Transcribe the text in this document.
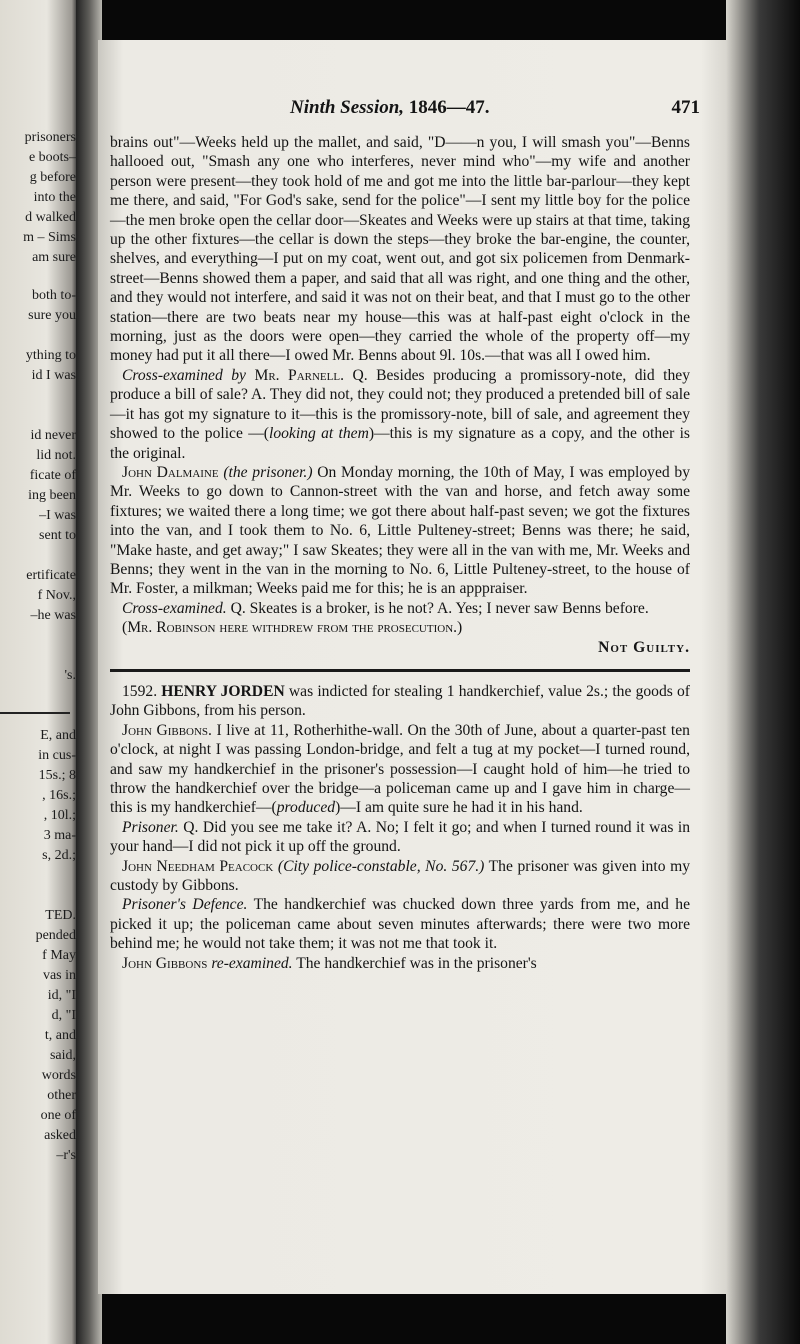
prisoners
e boots–
g before
into the
d walked
m – Sims
am sure
both to-
sure you
ything to
id I was
id never
lid not.
ficate of
ing been
–I was
sent to
ertificate
f Nov.,
–he was
's.
E, and
in cus-
15s.; 8
, 16s.;
, 10l.;
3 ma-
s, 2d.;
TED.
pended
f May
vas in
id, "I
d, "I
t, and
said,
words
other
one of
asked
–r's
Ninth Session, 1846—47.	471

brains out"—Weeks held up the mallet, and said, "D——n you, I will smash you"—Benns hallooed out, "Smash any one who interferes, never mind who"—my wife and another person were present—they took hold of me and got me into the little bar-parlour—they kept me there, and said, "For God's sake, send for the police"—I sent my little boy for the police—the men broke open the cellar door—Skeates and Weeks were up stairs at that time, taking up the other fixtures—the cellar is down the steps—they broke the bar-engine, the counter, shelves, and everything—I put on my coat, went out, and got six policemen from Denmark-street—Benns showed them a paper, and said that all was right, and one thing and the other, and they would not interfere, and said it was not on their beat, and that I must go to the other station—there are two beats near my house—this was at half-past eight o'clock in the morning, just as the doors were open—they carried the whole of the property off—my money had put it all there—I owed Mr. Benns about 9l. 10s.—that was all I owed him.

Cross-examined by Mr. Parnell. Q. Besides producing a promissory-note, did they produce a bill of sale? A. They did not, they could not; they produced a pretended bill of sale—it has got my signature to it—this is the promissory-note, bill of sale, and agreement they showed to the police —(looking at them)—this is my signature as a copy, and the other is the original.

John Dalmaine (the prisoner.) On Monday morning, the 10th of May, I was employed by Mr. Weeks to go down to Cannon-street with the van and horse, and fetch away some fixtures; we waited there a long time; we got there about half-past seven; we got the fixtures into the van, and I took them to No. 6, Little Pulteney-street; Benns was there; he said, "Make haste, and get away;" I saw Skeates; they were all in the van with me, Mr. Weeks and Benns; they went in the van in the morning to No. 6, Little Pulteney-street, to the house of Mr. Foster, a milkman; Weeks paid me for this; he is an apppraiser.

Cross-examined. Q. Skeates is a broker, is he not? A. Yes; I never saw Benns before.

(Mr. Robinson here withdrew from the prosecution.)

Not Guilty.

1592. HENRY JORDEN was indicted for stealing 1 handkerchief, value 2s.; the goods of John Gibbons, from his person.

John Gibbons. I live at 11, Rotherhithe-wall. On the 30th of June, about a quarter-past ten o'clock, at night I was passing London-bridge, and felt a tug at my pocket—I turned round, and saw my handkerchief in the prisoner's possession—I caught hold of him—he tried to throw the handkerchief over the bridge—a policeman came up and I gave him in charge—this is my handkerchief—(produced)—I am quite sure he had it in his hand.

Prisoner. Q. Did you see me take it? A. No; I felt it go; and when I turned round it was in your hand—I did not pick it up off the ground.

John Needham Peacock (City police-constable, No. 567.) The prisoner was given into my custody by Gibbons.

Prisoner's Defence. The handkerchief was chucked down three yards from me, and he picked it up; the policeman came about seven minutes afterwards; there were two more behind me; he would not take them; it was not me that took it.

John Gibbons re-examined. The handkerchief was in the prisoner's
